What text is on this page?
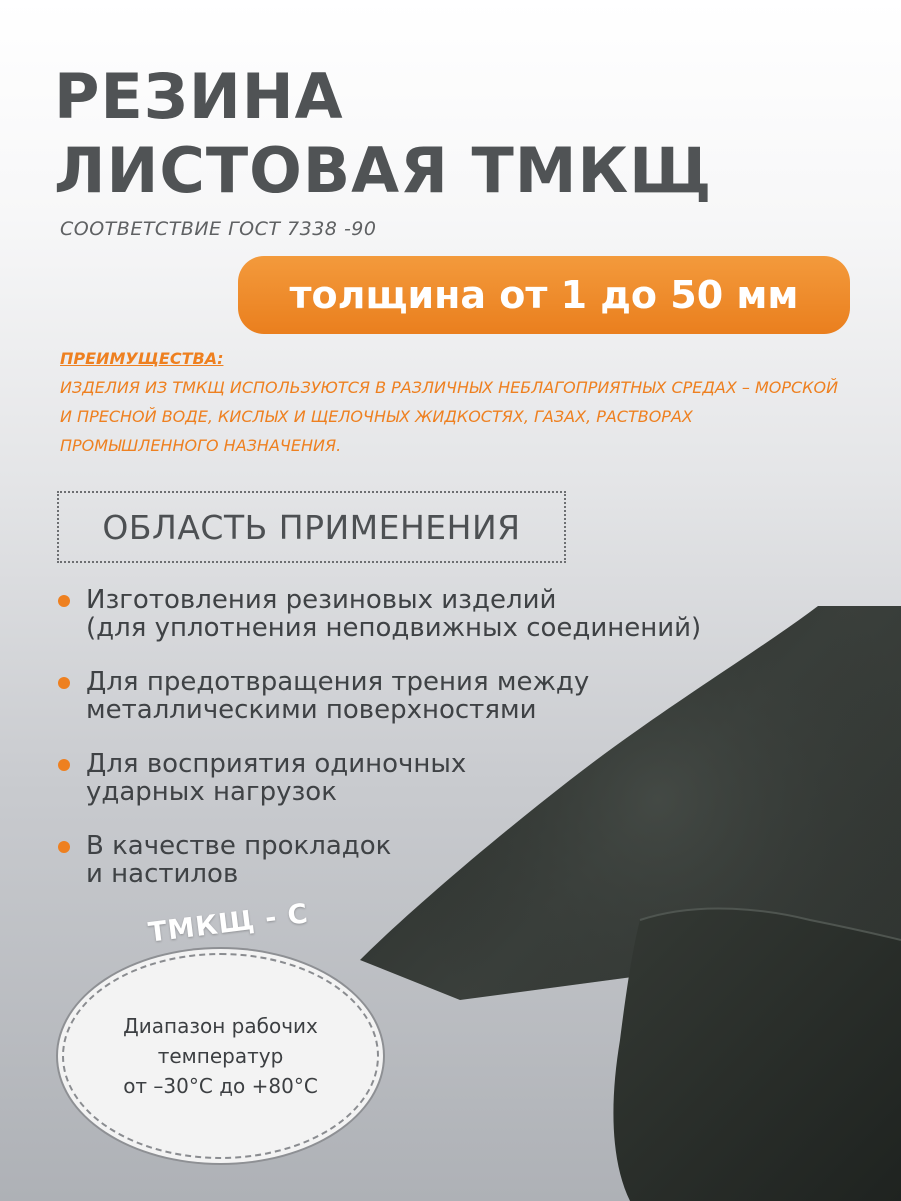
РЕЗИНА
ЛИСТОВАЯ ТМКЩ
СООТВЕТСТВИЕ ГОСТ 7338 -90
толщина от 1 до 50 мм
ПРЕИМУЩЕСТВА:
ИЗДЕЛИЯ ИЗ ТМКЩ ИСПОЛЬЗУЮТСЯ В РАЗЛИЧНЫХ НЕБЛАГОПРИЯТНЫХ СРЕДАХ – МОРСКОЙ И ПРЕСНОЙ ВОДЕ, КИСЛЫХ И ЩЕЛОЧНЫХ ЖИДКОСТЯХ, ГАЗАХ, РАСТВОРАХ ПРОМЫШЛЕННОГО НАЗНАЧЕНИЯ.
ОБЛАСТЬ ПРИМЕНЕНИЯ
Изготовления резиновых изделий
(для уплотнения неподвижных соединений)
Для предотвращения трения между
металлическими поверхностями
Для восприятия одиночных
ударных нагрузок
В качестве прокладок
и настилов
ТМКЩ - С
Диапазон рабочих
температур
от –30°С до +80°С
